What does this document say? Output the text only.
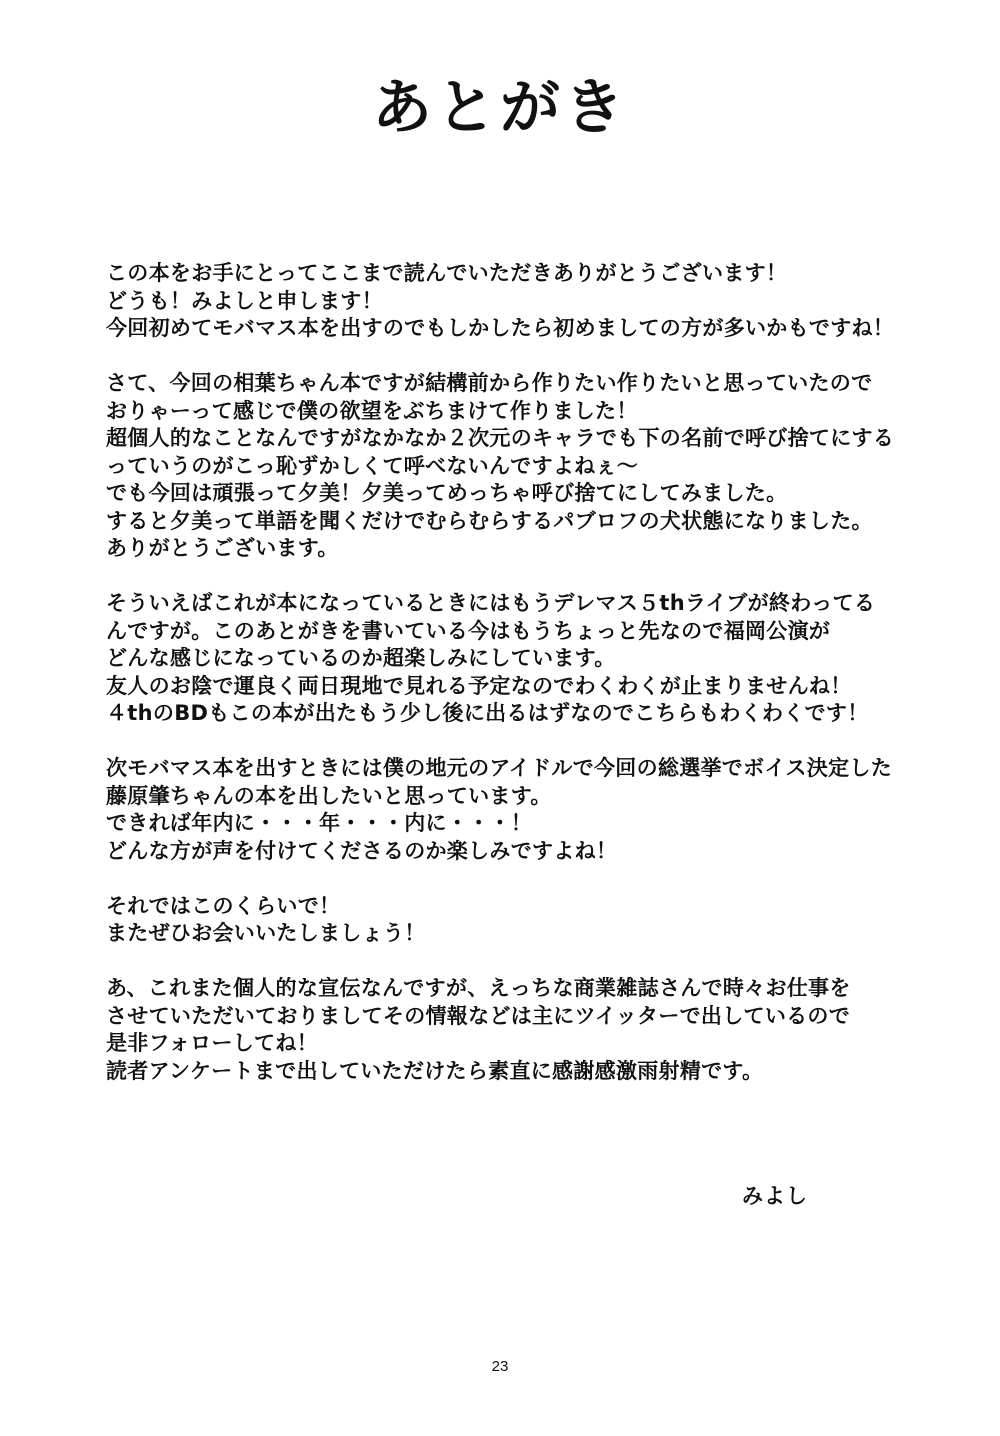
あとがき
この本をお手にとってここまで読んでいただきありがとうございます！
どうも！みよしと申します！
今回初めてモバマス本を出すのでもしかしたら初めましての方が多いかもですね！
さて、今回の相葉ちゃん本ですが結構前から作りたい作りたいと思っていたので
おりゃーって感じで僕の欲望をぶちまけて作りました！
超個人的なことなんですがなかなか２次元のキャラでも下の名前で呼び捨てにする
っていうのがこっ恥ずかしくて呼べないんですよねぇ～
でも今回は頑張って夕美！夕美ってめっちゃ呼び捨てにしてみました。
すると夕美って単語を聞くだけでむらむらするパブロフの犬状態になりました。
ありがとうございます。
そういえばこれが本になっているときにはもうデレマス５thライブが終わってる
んですが。このあとがきを書いている今はもうちょっと先なので福岡公演が
どんな感じになっているのか超楽しみにしています。
友人のお陰で運良く両日現地で見れる予定なのでわくわくが止まりませんね！
４thのBDもこの本が出たもう少し後に出るはずなのでこちらもわくわくです！
次モバマス本を出すときには僕の地元のアイドルで今回の総選挙でボイス決定した
藤原肇ちゃんの本を出したいと思っています。
できれば年内に・・・年・・・内に・・・！
どんな方が声を付けてくださるのか楽しみですよね！
それではこのくらいで！
またぜひお会いいたしましょう！
あ、これまた個人的な宣伝なんですが、えっちな商業雑誌さんで時々お仕事を
させていただいておりましてその情報などは主にツイッターで出しているので
是非フォローしてね！
読者アンケートまで出していただけたら素直に感謝感激雨射精です。
みよし
23
